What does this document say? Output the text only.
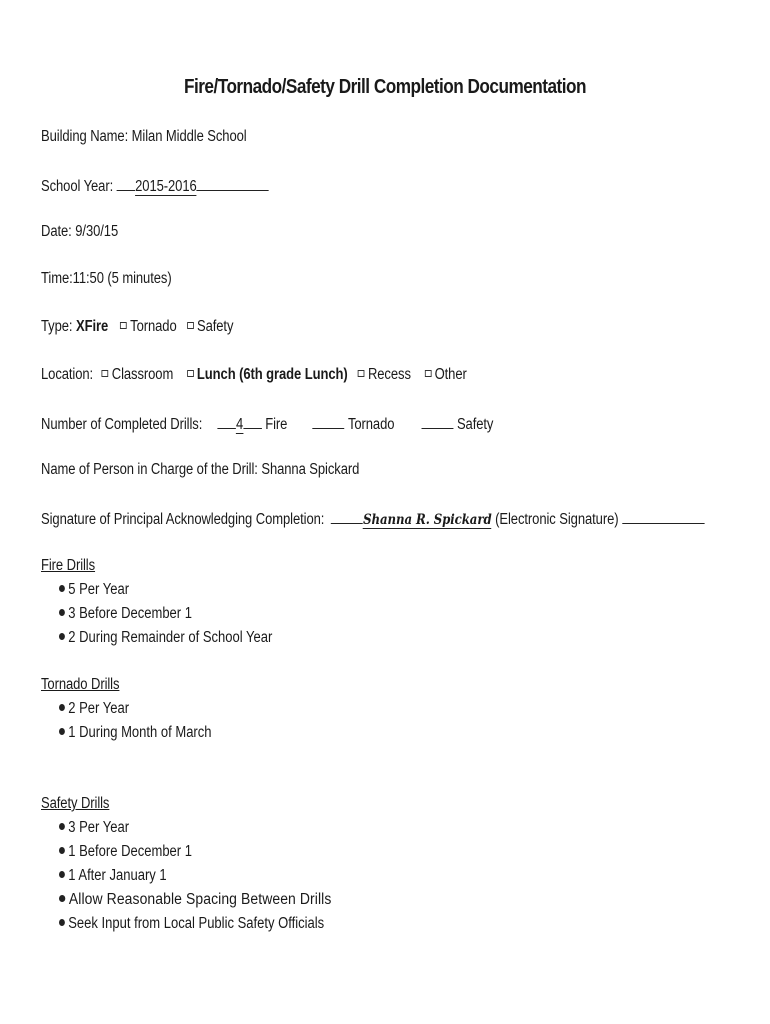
Fire/Tornado/Safety Drill Completion Documentation
Building Name: Milan Middle School
School Year: 2015-2016
Date: 9/30/15
Time:11:50 (5 minutes)
Type: XFire Tornado Safety
Location: Classroom Lunch (6th grade Lunch) Recess Other
Number of Completed Drills: 4 Fire	Tornado	Safety
Name of Person in Charge of the Drill: Shanna Spickard
Signature of Principal Acknowledging Completion:	Shanna R. Spickard (Electronic Signature)
Fire Drills
5 Per Year
3 Before December 1
2 During Remainder of School Year
Tornado Drills
2 Per Year
1 During Month of March
Safety Drills
3 Per Year
1 Before December 1
1 After January 1
Allow Reasonable Spacing Between Drills
Seek Input from Local Public Safety Officials
